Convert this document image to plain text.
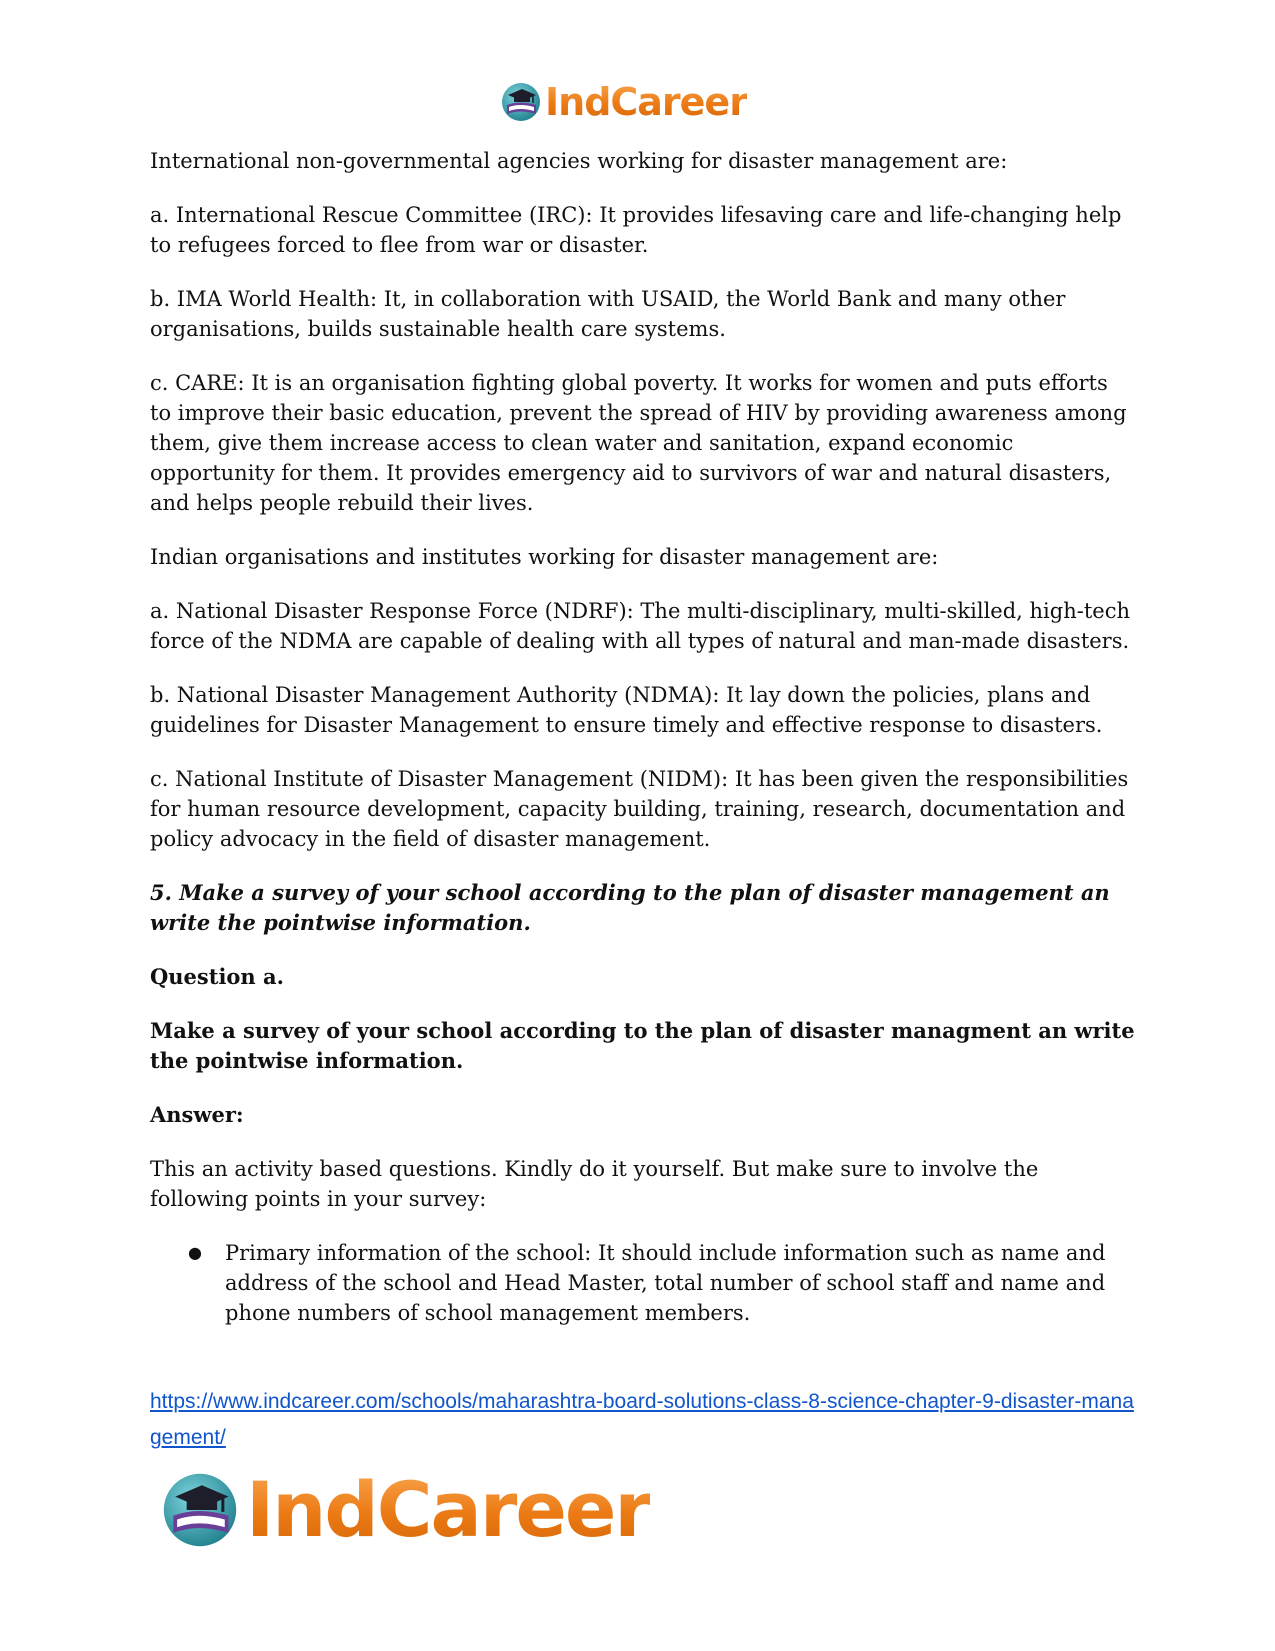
IndCareer

International non-governmental agencies working for disaster management are:

a. International Rescue Committee (IRC): It provides lifesaving care and life-changing help to refugees forced to flee from war or disaster.

b. IMA World Health: It, in collaboration with USAID, the World Bank and many other organisations, builds sustainable health care systems.

c. CARE: It is an organisation fighting global poverty. It works for women and puts efforts to improve their basic education, prevent the spread of HIV by providing awareness among them, give them increase access to clean water and sanitation, expand economic opportunity for them. It provides emergency aid to survivors of war and natural disasters, and helps people rebuild their lives.

Indian organisations and institutes working for disaster management are:

a. National Disaster Response Force (NDRF): The multi-disciplinary, multi-skilled, high-tech force of the NDMA are capable of dealing with all types of natural and man-made disasters.

b. National Disaster Management Authority (NDMA): It lay down the policies, plans and guidelines for Disaster Management to ensure timely and effective response to disasters.

c. National Institute of Disaster Management (NIDM): It has been given the responsibilities for human resource development, capacity building, training, research, documentation and policy advocacy in the field of disaster management.

5. Make a survey of your school according to the plan of disaster management an write the pointwise information.

Question a.

Make a survey of your school according to the plan of disaster managment an write the pointwise information.

Answer:

This an activity based questions. Kindly do it yourself. But make sure to involve the following points in your survey:

● Primary information of the school: It should include information such as name and address of the school and Head Master, total number of school staff and name and phone numbers of school management members.
https://www.indcareer.com/schools/maharashtra-board-solutions-class-8-science-chapter-9-disaster-management/
IndCareer
